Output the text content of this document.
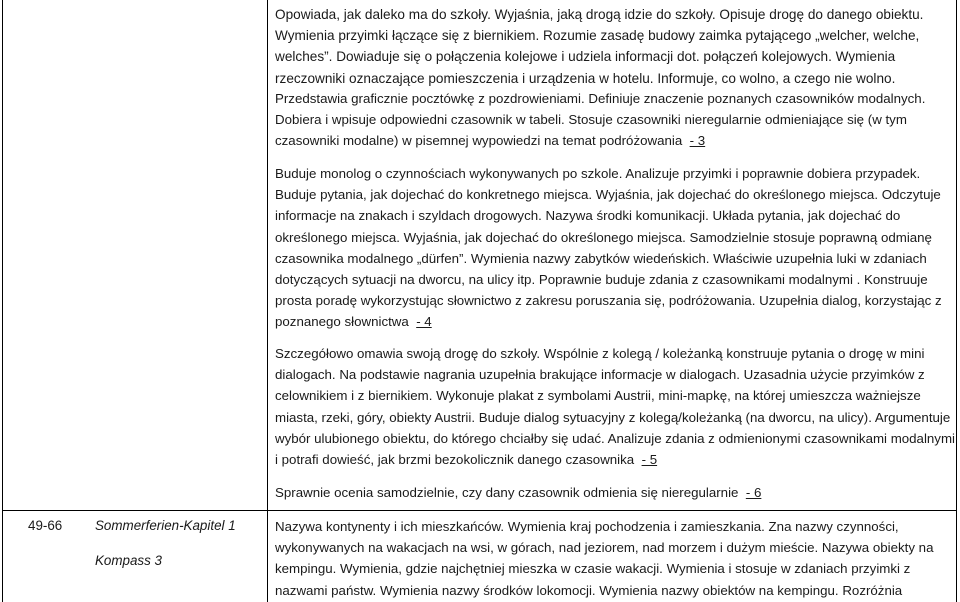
Opowiada, jak daleko ma do szkoły. Wyjaśnia, jaką drogą idzie do szkoły. Opisuje drogę do danego obiektu. Wymienia przyimki łączące się z biernikiem. Rozumie zasadę budowy zaimka pytającego „welcher, welche, welches”. Dowiaduje się o połączenia kolejowe i udziela informacji dot. połączeń kolejowych. Wymienia rzeczowniki oznaczające pomieszczenia i urządzenia w hotelu. Informuje, co wolno, a czego nie wolno.

Przedstawia graficznie pocztówkę z pozdrowieniami. Definiuje znaczenie poznanych czasowników modalnych. Dobiera i wpisuje odpowiedni czasownik w tabeli. Stosuje czasowniki nieregularnie odmieniające się (w tym czasowniki modalne) w pisemnej wypowiedzi na temat podróżowania - 3

Buduje monolog o czynnościach wykonywanych po szkole. Analizuje przyimki i poprawnie dobiera przypadek. Buduje pytania, jak dojechać do konkretnego miejsca. Wyjaśnia, jak dojechać do określonego miejsca. Odczytuje informacje na znakach i szyldach drogowych. Nazywa środki komunikacji. Układa pytania, jak dojechać do określonego miejsca. Wyjaśnia, jak dojechać do określonego miejsca. Samodzielnie stosuje poprawną odmianę czasownika modalnego „dürfen”. Wymienia nazwy zabytków wiedeńskich. Właściwie uzupełnia luki w zdaniach dotyczących sytuacji na dworcu, na ulicy itp. Poprawnie buduje zdania z czasownikami modalnymi . Konstruuje prosta poradę wykorzystując słownictwo z zakresu poruszania się, podróżowania. Uzupełnia dialog, korzystając z poznanego słownictwa - 4

Szczegółowo omawia swoją drogę do szkoły. Wspólnie z kolegą / koleżanką konstruuje pytania o drogę w mini dialogach. Na podstawie nagrania uzupełnia brakujące informacje w dialogach. Uzasadnia użycie przyimków z celownikiem i z biernikiem. Wykonuje plakat z symbolami Austrii, mini-mapkę, na której umieszcza ważniejsze miasta, rzeki, góry, obiekty Austrii. Buduje dialog sytuacyjny z kolegą/koleżanką (na dworcu, na ulicy). Argumentuje wybór ulubionego obiektu, do którego chciałby się udać. Analizuje zdania z odmienionymi czasownikami modalnymi i potrafi dowieść, jak brzmi bezokolicznik danego czasownika - 5

Sprawnie ocenia samodzielnie, czy dany czasownik odmienia się nieregularnie - 6

49-66 Sommerferien-Kapitel 1
Kompass 3

Nazywa kontynenty i ich mieszkańców. Wymienia kraj pochodzenia i zamieszkania. Zna nazwy czynności, wykonywanych na wakacjach na wsi, w górach, nad jeziorem, nad morzem i dużym mieście. Nazywa obiekty na kempingu. Wymienia, gdzie najchętniej mieszka w czasie wakacji. Wymienia i stosuje w zdaniach przyimki z nazwami państw. Wymienia nazwy środków lokomocji. Wymienia nazwy obiektów na kempingu. Rozróżnia
